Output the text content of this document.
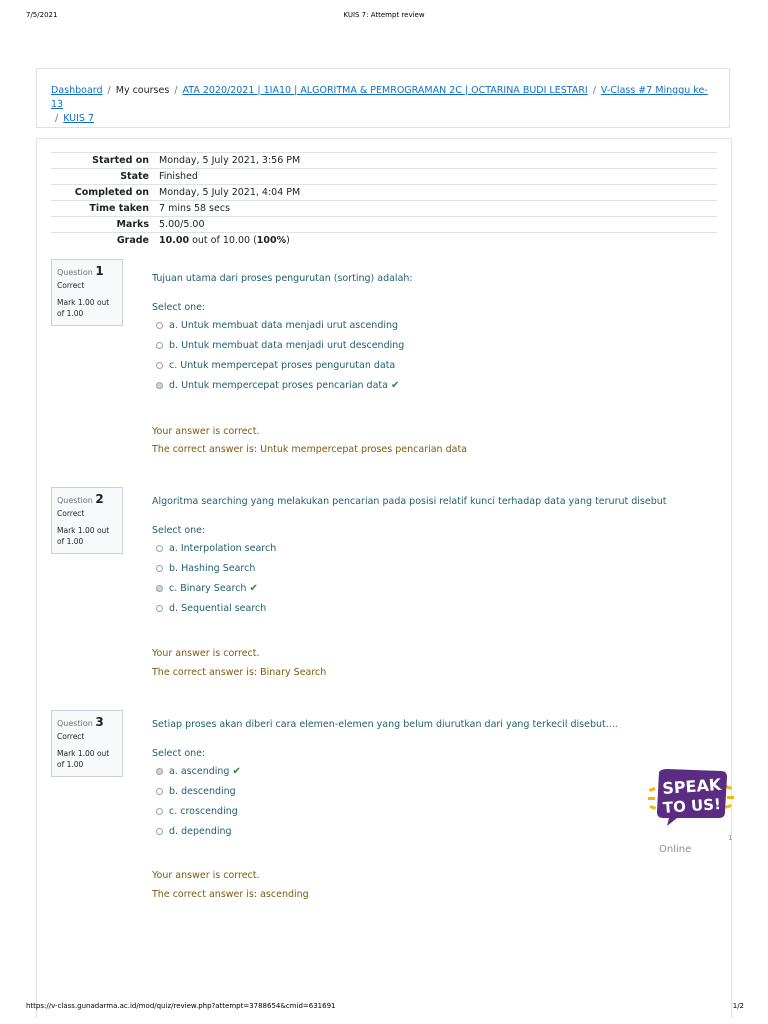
7/5/2021	KUIS 7: Attempt review
Dashboard / My courses / ATA 2020/2021 | 1IA10 | ALGORITMA & PEMROGRAMAN 2C | OCTARINA BUDI LESTARI / V-Class #7 Minggu ke-13
/ KUIS 7
Started on	Monday, 5 July 2021, 3:56 PM
State	Finished
Completed on	Monday, 5 July 2021, 4:04 PM
Time taken	7 mins 58 secs
Marks	5.00/5.00
Grade	10.00 out of 10.00 (100%)
Question 1
Correct
Mark 1.00 out of 1.00
Tujuan utama dari proses pengurutan (sorting) adalah:
Select one:
a. Untuk membuat data menjadi urut ascending
b. Untuk membuat data menjadi urut descending
c. Untuk mempercepat proses pengurutan data
d. Untuk mempercepat proses pencarian data ✔
Your answer is correct.
The correct answer is: Untuk mempercepat proses pencarian data
Question 2
Correct
Mark 1.00 out of 1.00
Algoritma searching yang melakukan pencarian pada posisi relatif kunci terhadap data yang terurut disebut
Select one:
a. Interpolation search
b. Hashing Search
c. Binary Search ✔
d. Sequential search
Your answer is correct.
The correct answer is: Binary Search
Question 3
Correct
Mark 1.00 out of 1.00
Setiap proses akan diberi cara elemen-elemen yang belum diurutkan dari yang terkecil disebut....
Select one:
a. ascending ✔
b. descending
c. croscending
d. depending
Your answer is correct.
The correct answer is: ascending
SPEAK
TO US!
1
Online
https://v-class.gunadarma.ac.id/mod/quiz/review.php?attempt=3788654&cmid=631691	1/2
